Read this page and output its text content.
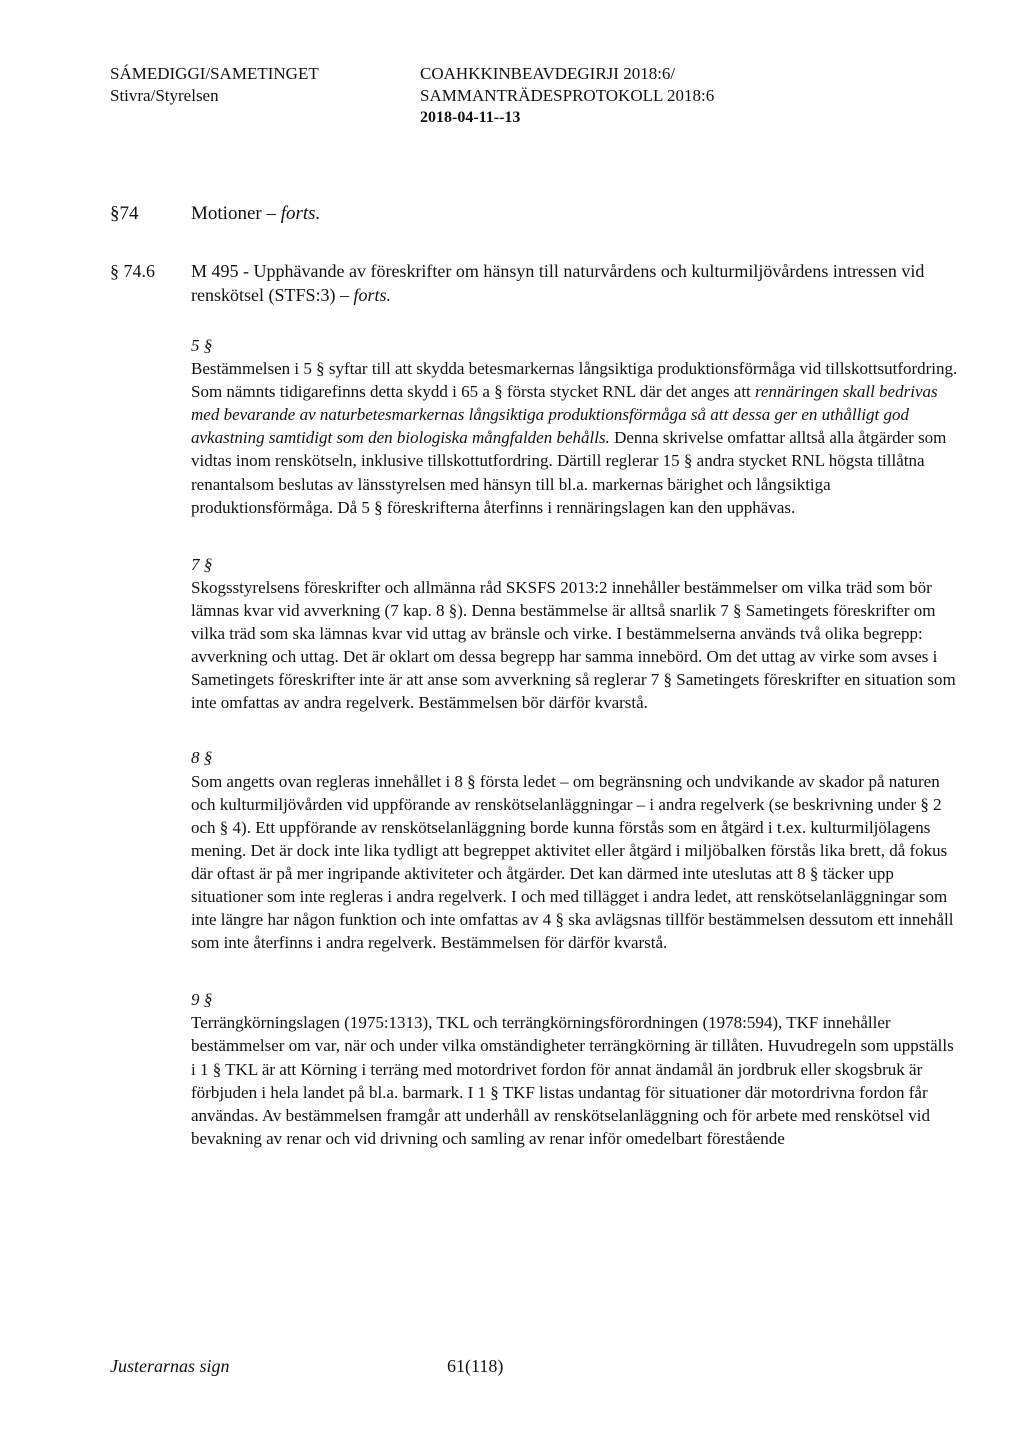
SÁMEDIGGI/SAMETINGET
Stivra/Styrelsen
COAHKKINBEAVDEGIRJI 2018:6/
SAMMANTRÄDESPROTOKOLL 2018:6
2018-04-11--13
§74	Motioner – forts.
§ 74.6 M 495 - Upphävande av föreskrifter om hänsyn till naturvårdens och kulturmiljövårdens intressen vid renskötsel (STFS:3) – forts.
5 §

Bestämmelsen i 5 § syftar till att skydda betesmarkernas långsiktiga produktionsförmåga vid tillskottsutfordring. Som nämnts tidigarefinns detta skydd i 65 a § första stycket RNL där det anges att rennäringen skall bedrivas med bevarande av naturbetesmarkernas långsiktiga produktionsförmåga så att dessa ger en uthålligt god avkastning samtidigt som den biologiska mångfalden behålls. Denna skrivelse omfattar alltså alla åtgärder som vidtas inom renskötseln, inklusive tillskottutfordring. Därtill reglerar 15 § andra stycket RNL högsta tillåtna renantalsom beslutas av länsstyrelsen med hänsyn till bl.a. markernas bärighet och långsiktiga produktionsförmåga. Då 5 § föreskrifterna återfinns i rennäringslagen kan den upphävas.

7 §

Skogsstyrelsens föreskrifter och allmänna råd SKSFS 2013:2 innehåller bestämmelser om vilka träd som bör lämnas kvar vid avverkning (7 kap. 8 §). Denna bestämmelse är alltså snarlik 7 § Sametingets föreskrifter om vilka träd som ska lämnas kvar vid uttag av bränsle och virke. I bestämmelserna används två olika begrepp: avverkning och uttag. Det är oklart om dessa begrepp har samma innebörd. Om det uttag av virke som avses i Sametingets föreskrifter inte är att anse som avverkning så reglerar 7 § Sametingets föreskrifter en situation som inte omfattas av andra regelverk. Bestämmelsen bör därför kvarstå.

8 §

Som angetts ovan regleras innehållet i 8 § första ledet – om begränsning och undvikande av skador på naturen och kulturmiljövården vid uppförande av renskötselanläggningar – i andra regelverk (se beskrivning under § 2 och § 4). Ett uppförande av renskötselanläggning borde kunna förstås som en åtgärd i t.ex. kulturmiljölagens mening. Det är dock inte lika tydligt att begreppet aktivitet eller åtgärd i miljöbalken förstås lika brett, då fokus där oftast är på mer ingripande aktiviteter och åtgärder. Det kan därmed inte uteslutas att 8 § täcker upp situationer som inte regleras i andra regelverk. I och med tillägget i andra ledet, att renskötselanläggningar som inte längre har någon funktion och inte omfattas av 4 § ska avlägsnas tillför bestämmelsen dessutom ett innehåll som inte återfinns i andra regelverk. Bestämmelsen för därför kvarstå.

9 §

Terrängkörningslagen (1975:1313), TKL och terrängkörningsförordningen (1978:594), TKF innehåller bestämmelser om var, när och under vilka omständigheter terrängkörning är tillåten. Huvudregeln som uppställs i 1 § TKL är att Körning i terräng med motordrivet fordon för annat ändamål än jordbruk eller skogsbruk är förbjuden i hela landet på bl.a. barmark. I 1 § TKF listas undantag för situationer där motordrivna fordon får användas. Av bestämmelsen framgår att underhåll av renskötselanläggning och för arbete med renskötsel vid bevakning av renar och vid drivning och samling av renar inför omedelbart förestående

Justerarnas sign	61(118)
